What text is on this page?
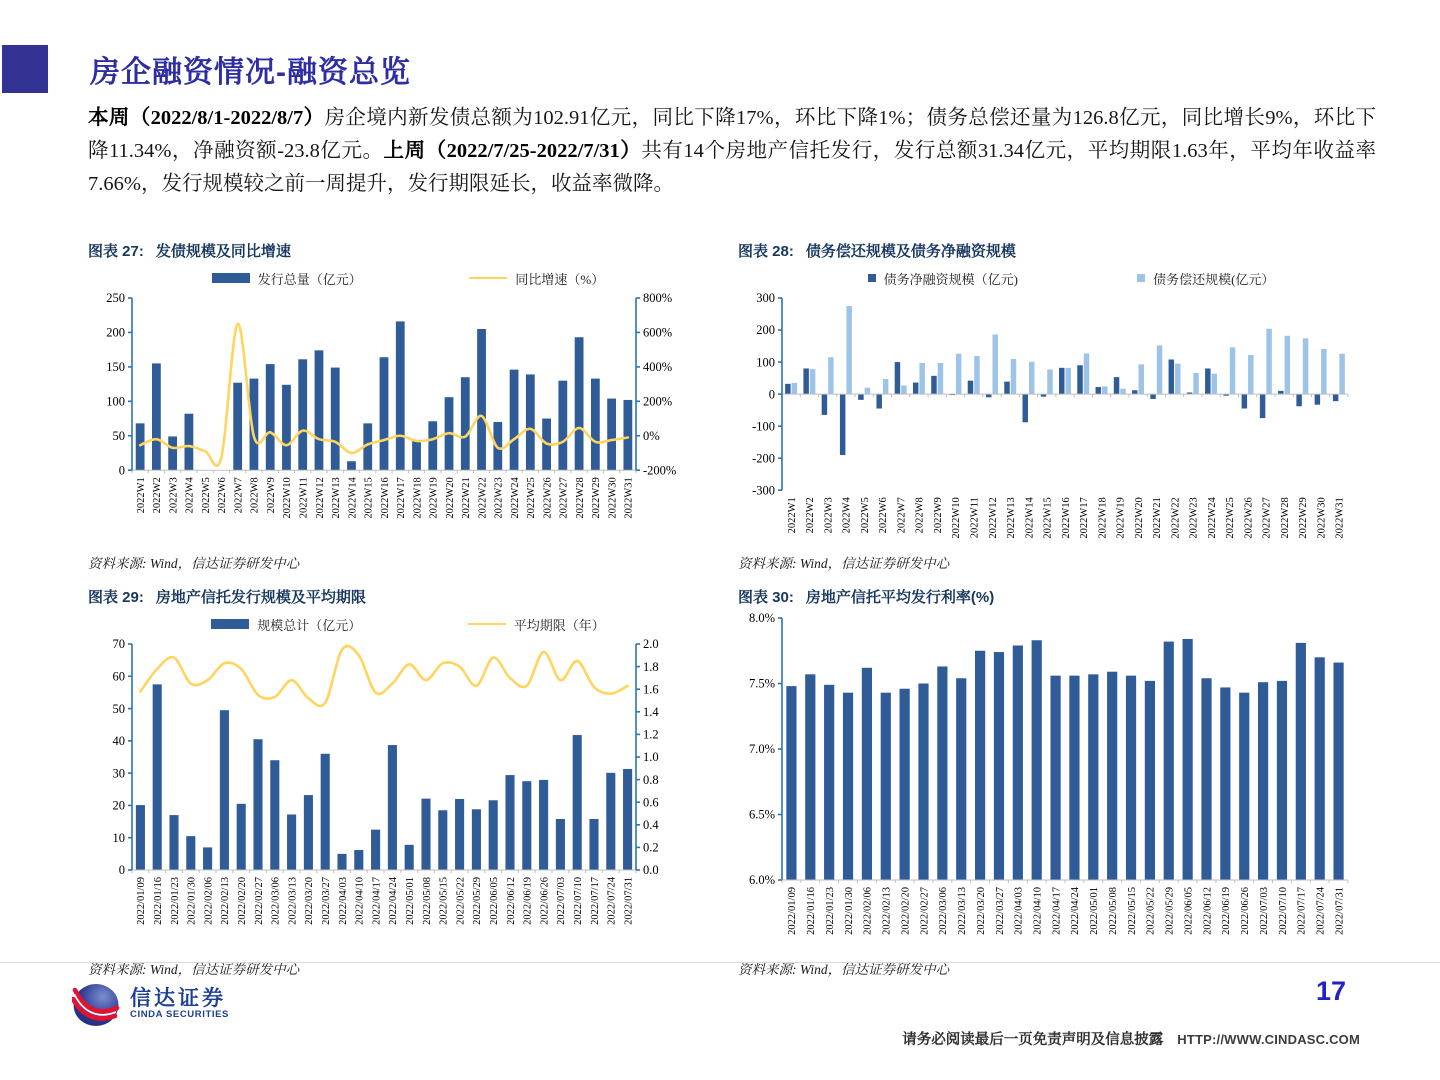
房企融资情况-融资总览

本周（2022/8/1-2022/8/7）房企境内新发债总额为102.91亿元，同比下降17%，环比下降1%；债务总偿还量为126.8亿元，同比增长9%，环比下降11.34%，净融资额-23.8亿元。上周（2022/7/25-2022/7/31）共有14个房地产信托发行，发行总额31.34亿元，平均期限1.63年，平均年收益率7.66%，发行规模较之前一周提升，发行期限延长，收益率微降。

图表 27: 发债规模及同比增速
发行总量（亿元）	同比增速（%）
0
50
100
150
200
250
-200%
0%
200%
400%
600%
800%
2022W1 2022W2 2022W3 2022W4 2022W5 2022W6 2022W7 2022W8 2022W9 2022W10 2022W11 2022W12 2022W13 2022W14 2022W15 2022W16 2022W17 2022W18 2022W19 2022W20 2022W21 2022W22 2022W23 2022W24 2022W25 2022W26 2022W27 2022W28 2022W29 2022W30 2022W31

资料来源: Wind，信达证券研发中心

图表 28: 债务偿还规模及债务净融资规模
债务净融资规模（亿元)	债务偿还规模(亿元）
-300
-200
-100
0
100
200
300
2022W1 2022W2 2022W3 2022W4 2022W5 2022W6 2022W7 2022W8 2022W9 2022W10 2022W11 2022W12 2022W13 2022W14 2022W15 2022W16 2022W17 2022W18 2022W19 2022W20 2022W21 2022W22 2022W23 2022W24 2022W25 2022W26 2022W27 2022W28 2022W29 2022W30 2022W31

资料来源: Wind，信达证券研发中心

图表 29: 房地产信托发行规模及平均期限
规模总计（亿元）	平均期限（年）
0
10
20
30
40
50
60
70
0.0
0.2
0.4
0.6
0.8
1.0
1.2
1.4
1.6
1.8
2.0
2022/01/09 2022/01/16 2022/01/23 2022/01/30 2022/02/06 2022/02/13 2022/02/20 2022/02/27 2022/03/06 2022/03/13 2022/03/20 2022/03/27 2022/04/03 2022/04/10 2022/04/17 2022/04/24 2022/05/01 2022/05/08 2022/05/15 2022/05/22 2022/05/29 2022/06/05 2022/06/12 2022/06/19 2022/06/26 2022/07/03 2022/07/10 2022/07/17 2022/07/24 2022/07/31

资料来源: Wind，信达证券研发中心

图表 30: 房地产信托平均发行利率(%)
6.0%
6.5%
7.0%
7.5%
8.0%
2022/01/09 2022/01/16 2022/01/23 2022/01/30 2022/02/06 2022/02/13 2022/02/20 2022/02/27 2022/03/06 2022/03/13 2022/03/20 2022/03/27 2022/04/03 2022/04/10 2022/04/17 2022/04/24 2022/05/01 2022/05/08 2022/05/15 2022/05/22 2022/05/29 2022/06/05 2022/06/12 2022/06/19 2022/06/26 2022/07/03 2022/07/10 2022/07/17 2022/07/24 2022/07/31

资料来源: Wind，信达证券研发中心

信达证券
CINDA SECURITIES

17

请务必阅读最后一页免责声明及信息披露 HTTP://WWW.CINDASC.COM
